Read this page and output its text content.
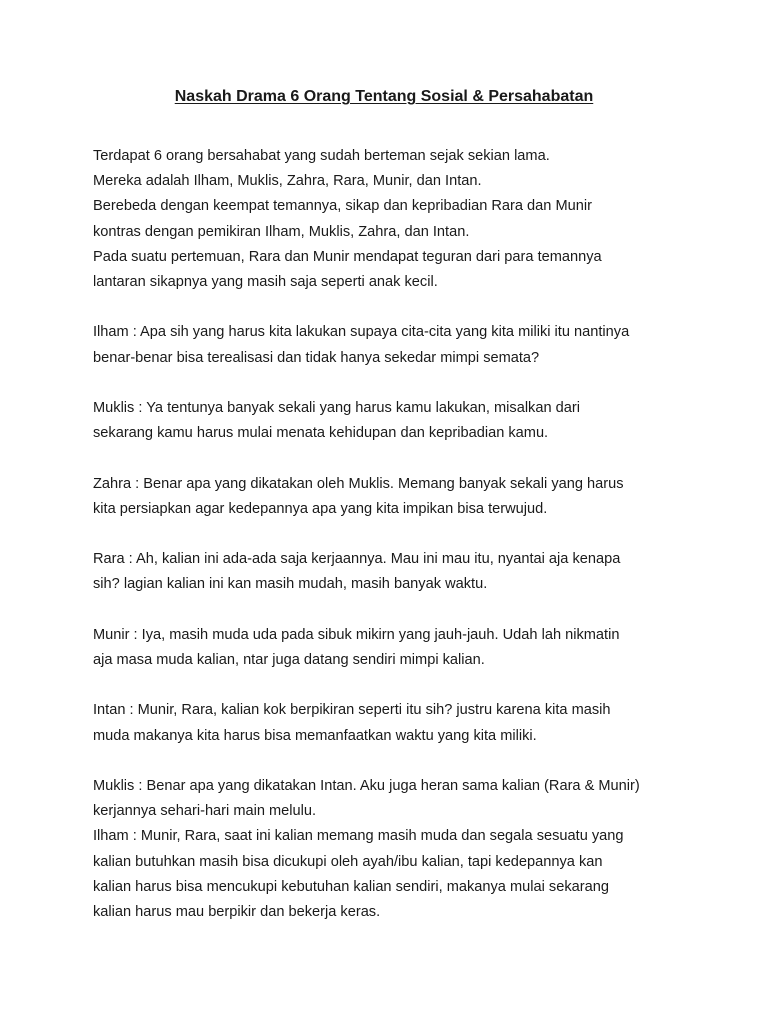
Naskah Drama 6 Orang Tentang Sosial & Persahabatan

Terdapat 6 orang bersahabat yang sudah berteman sejak sekian lama.
Mereka adalah Ilham, Muklis, Zahra, Rara, Munir, dan Intan.
Berebeda dengan keempat temannya, sikap dan kepribadian Rara dan Munir
kontras dengan pemikiran Ilham, Muklis, Zahra, dan Intan.
Pada suatu pertemuan, Rara dan Munir mendapat teguran dari para temannya
lantaran sikapnya yang masih saja seperti anak kecil.

Ilham : Apa sih yang harus kita lakukan supaya cita-cita yang kita miliki itu nantinya
benar-benar bisa terealisasi dan tidak hanya sekedar mimpi semata?

Muklis : Ya tentunya banyak sekali yang harus kamu lakukan, misalkan dari
sekarang kamu harus mulai menata kehidupan dan kepribadian kamu.

Zahra : Benar apa yang dikatakan oleh Muklis. Memang banyak sekali yang harus
kita persiapkan agar kedepannya apa yang kita impikan bisa terwujud.

Rara : Ah, kalian ini ada-ada saja kerjaannya. Mau ini mau itu, nyantai aja kenapa
sih? lagian kalian ini kan masih mudah, masih banyak waktu.

Munir : Iya, masih muda uda pada sibuk mikirn yang jauh-jauh. Udah lah nikmatin
aja masa muda kalian, ntar juga datang sendiri mimpi kalian.

Intan : Munir, Rara, kalian kok berpikiran seperti itu sih? justru karena kita masih
muda makanya kita harus bisa memanfaatkan waktu yang kita miliki.

Muklis : Benar apa yang dikatakan Intan. Aku juga heran sama kalian (Rara & Munir)
kerjannya sehari-hari main melulu.

Ilham : Munir, Rara, saat ini kalian memang masih muda dan segala sesuatu yang
kalian butuhkan masih bisa dicukupi oleh ayah/ibu kalian, tapi kedepannya kan
kalian harus bisa mencukupi kebutuhan kalian sendiri, makanya mulai sekarang
kalian harus mau berpikir dan bekerja keras.
